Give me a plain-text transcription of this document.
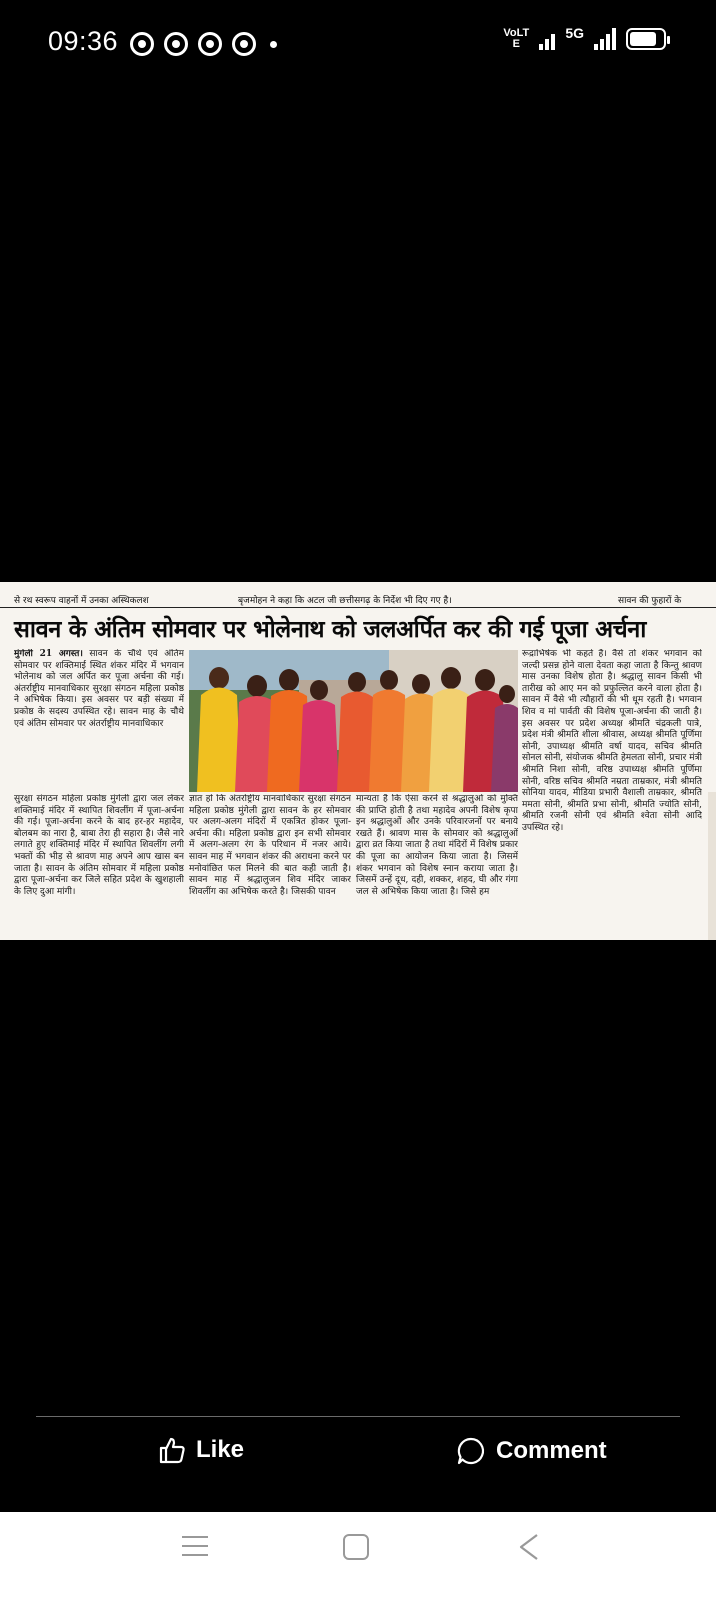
09:36	VoLTE
5G
से रथ स्वरूप वाहनों में उनका अस्थिकलश	बृजमोहन ने कहा कि अटल जी छत्तीसगढ़ के निर्देश भी दिए गए है।	सावन की फुहारों के
सावन के अंतिम सोमवार पर भोलेनाथ को जलअर्पित कर की गई पूजा अर्चना
मुंगेली 21 अगस्त। सावन के चौथे एवं अंतिम सोमवार पर शक्तिमाई स्थित शंकर मंदिर में भगवान भोलेनाथ को जल अर्पित कर पूजा अर्चना की गई। अंतर्राष्ट्रीय मानवाधिकार सुरक्षा संगठन महिला प्रकोष्ठ ने अभिषेक किया। इस अवसर पर बड़ी संख्या में प्रकोष्ठ के सदस्य उपस्थित रहे। सावन माह के चौथे एवं अंतिम सोमवार पर अंतर्राष्ट्रीय मानवाधिकार
रूद्राभिषेक भी कहते है। वैसे तो शंकर भगवान को जल्दी प्रसन्न होने वाला देवता कहा जाता है किन्तु श्रावण मास उनका विशेष होता है। श्रद्धालु सावन किसी भी तारीख को आए मन को प्रफुल्लित करने वाला होता है। सावन में वैसे भी त्यौहारों की भी धूम रहती है। भगवान शिव व मां पार्वती की विशेष पूजा-अर्चना की जाती है। इस अवसर पर प्रदेश अध्यक्ष श्रीमति चंद्रकली पात्रे, प्रदेश मंत्री श्रीमति शीला श्रीवास, अध्यक्ष श्रीमति पूर्णिमा सोनी, उपाध्यक्ष श्रीमति वर्षा यादव, सचिव श्रीमति सोनल सोनी, संयोजक श्रीमति हेमलता सोनी, प्रचार मंत्री श्रीमति निशा सोनी, वरिष्ठ उपाध्यक्ष श्रीमति पूर्णिमा सोनी, वरिष्ठ सचिव श्रीमति नम्रता ताम्रकार, मंत्री श्रीमति सोनिया यादव, मीडिया प्रभारी वैशाली ताम्रकार, श्रीमति ममता सोनी, श्रीमति प्रभा सोनी, श्रीमति ज्योति सोनी, श्रीमति रजनी सोनी एवं श्रीमति श्वेता सोनी आदि उपस्थित रहे।
सुरक्षा संगठन महिला प्रकोष्ठ मुंगेली द्वारा जल लेकर शक्तिमाई मंदिर में स्थापित शिवलींग में पूजा-अर्चना की गई। पूजा-अर्चना करने के बाद हर-हर महादेव, बोलबम का नारा है, बाबा तेरा ही सहारा है। जैसे नारे लगाते हुए शक्तिमाई मंदिर में स्थापित शिवलींग लगी भक्तों की भीड़ से श्रावण माह अपने आप खास बन जाता है। सावन के अंतिम सोमवार में महिला प्रकोष्ठ द्वारा पूजा-अर्चना कर जिले सहित प्रदेश के खुशहाली के लिए दुआ मांगी।
ज्ञात हो कि अंतर्राष्ट्रीय मानवाधिकार सुरक्षा संगठन महिला प्रकोष्ठ मुंगेली द्वारा सावन के हर सोमवार पर अलग-अलग मंदिरों में एकत्रित होकर पूजा-अर्चना की। महिला प्रकोष्ठ द्वारा इन सभी सोमवार में अलग-अलग रंग के परिधान में नजर आये। सावन माह में भगवान शंकर की अराधना करने पर मनोवांछित फल मिलने की बात कही जाती है। सावन माह में श्रद्धालुजन शिव मंदिर जाकर शिवलींग का अभिषेक करते है। जिसकी पावन
मान्यता है कि ऐसा करने से श्रद्धालुओं को मुक्ति की प्राप्ति होती है तथा महादेव अपनी विशेष कृपा इन श्रद्धालुओं और उनके परिवारजनों पर बनाये रखते हैं। श्रावण मास के सोमवार को श्रद्धालुओं द्वारा व्रत किया जाता है तथा मंदिरों में विशेष प्रकार की पूजा का आयोजन किया जाता है। जिसमें शंकर भगवान को विशेष स्नान कराया जाता है। जिसमें उन्हें दूध, दही, शक्कर, शहद, घी और गंगा जल से अभिषेक किया जाता है। जिसे हम
Like	Comment
